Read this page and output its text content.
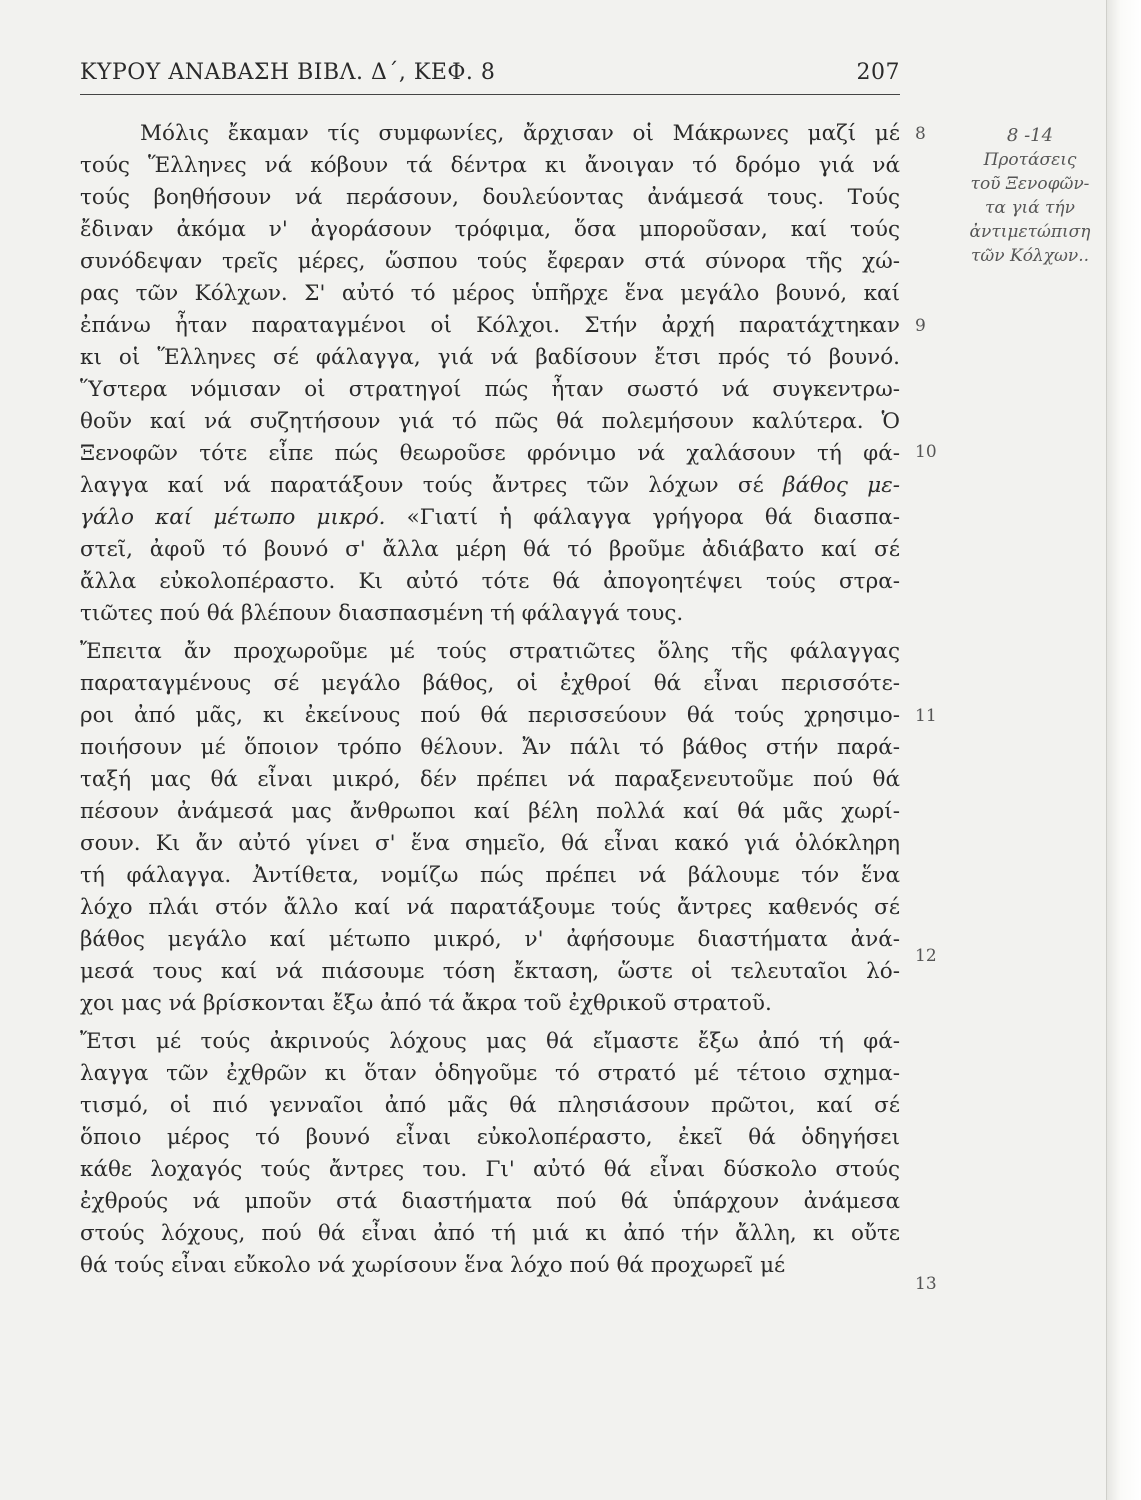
ΚΥΡΟΥ ΑΝΑΒΑΣΗ ΒΙΒΛ. Δ΄, ΚΕΦ. 8	207
Μόλις ἔκαμαν τίς συμφωνίες, ἄρχισαν οἱ Μάκρωνες μαζί μέ
τούς Ἕλληνες νά κόβουν τά δέντρα κι ἄνοιγαν τό δρόμο γιά νά
τούς βοηθήσουν νά περάσουν, δουλεύοντας ἀνάμεσά τους. Τούς
ἔδιναν ἀκόμα ν' ἀγοράσουν τρόφιμα, ὅσα μποροῦσαν, καί τούς
συνόδεψαν τρεῖς μέρες, ὥσπου τούς ἔφεραν στά σύνορα τῆς χώ-
ρας τῶν Κόλχων. Σ' αὐτό τό μέρος ὑπῆρχε ἕνα μεγάλο βουνό, καί
ἐπάνω ἦταν παραταγμένοι οἱ Κόλχοι. Στήν ἀρχή παρατάχτηκαν
κι οἱ Ἕλληνες σέ φάλαγγα, γιά νά βαδίσουν ἔτσι πρός τό βουνό.
Ὕστερα νόμισαν οἱ στρατηγοί πώς ἦταν σωστό νά συγκεντρω-
θοῦν καί νά συζητήσουν γιά τό πῶς θά πολεμήσουν καλύτερα. Ὁ
Ξενοφῶν τότε εἶπε πώς θεωροῦσε φρόνιμο νά χαλάσουν τή φά-
λαγγα καί νά παρατάξουν τούς ἄντρες τῶν λόχων σέ βάθος με-
γάλο καί μέτωπο μικρό. «Γιατί ἡ φάλαγγα γρήγορα θά διασπα-
στεῖ, ἀφοῦ τό βουνό σ' ἄλλα μέρη θά τό βροῦμε ἀδιάβατο καί σέ
ἄλλα εὐκολοπέραστο. Κι αὐτό τότε θά ἀπογοητέψει τούς στρα-
τιῶτες πού θά βλέπουν διασπασμένη τή φάλαγγά τους.
Ἔπειτα ἄν προχωροῦμε μέ τούς στρατιῶτες ὅλης τῆς φάλαγγας
παραταγμένους σέ μεγάλο βάθος, οἱ ἐχθροί θά εἶναι περισσότε-
ροι ἀπό μᾶς, κι ἐκείνους πού θά περισσεύουν θά τούς χρησιμο-
ποιήσουν μέ ὅποιον τρόπο θέλουν. Ἄν πάλι τό βάθος στήν παρά-
ταξή μας θά εἶναι μικρό, δέν πρέπει νά παραξενευτοῦμε πού θά
πέσουν ἀνάμεσά μας ἄνθρωποι καί βέλη πολλά καί θά μᾶς χωρί-
σουν. Κι ἄν αὐτό γίνει σ' ἕνα σημεῖο, θά εἶναι κακό γιά ὁλόκληρη
τή φάλαγγα. Ἀντίθετα, νομίζω πώς πρέπει νά βάλουμε τόν ἕνα
λόχο πλάι στόν ἄλλο καί νά παρατάξουμε τούς ἄντρες καθενός σέ
βάθος μεγάλο καί μέτωπο μικρό, ν' ἀφήσουμε διαστήματα ἀνά-
μεσά τους καί νά πιάσουμε τόση ἔκταση, ὥστε οἱ τελευταῖοι λό-
χοι μας νά βρίσκονται ἔξω ἀπό τά ἄκρα τοῦ ἐχθρικοῦ στρατοῦ.
Ἔτσι μέ τούς ἀκρινούς λόχους μας θά εἴμαστε ἔξω ἀπό τή φά-
λαγγα τῶν ἐχθρῶν κι ὅταν ὁδηγοῦμε τό στρατό μέ τέτοιο σχημα-
τισμό, οἱ πιό γενναῖοι ἀπό μᾶς θά πλησιάσουν πρῶτοι, καί σέ
ὅποιο μέρος τό βουνό εἶναι εὐκολοπέραστο, ἐκεῖ θά ὁδηγήσει
κάθε λοχαγός τούς ἄντρες του. Γι' αὐτό θά εἶναι δύσκολο στούς
ἐχθρούς νά μποῦν στά διαστήματα πού θά ὑπάρχουν ἀνάμεσα
στούς λόχους, πού θά εἶναι ἀπό τή μιά κι ἀπό τήν ἄλλη, κι οὔτε
θά τούς εἶναι εὔκολο νά χωρίσουν ἕνα λόχο πού θά προχωρεῖ μέ
8
9
10
11
12
13
8 -14
Προτάσεις
τοῦ Ξενοφῶν-
τα γιά τήν
ἀντιμετώπιση
τῶν Κόλχων..
